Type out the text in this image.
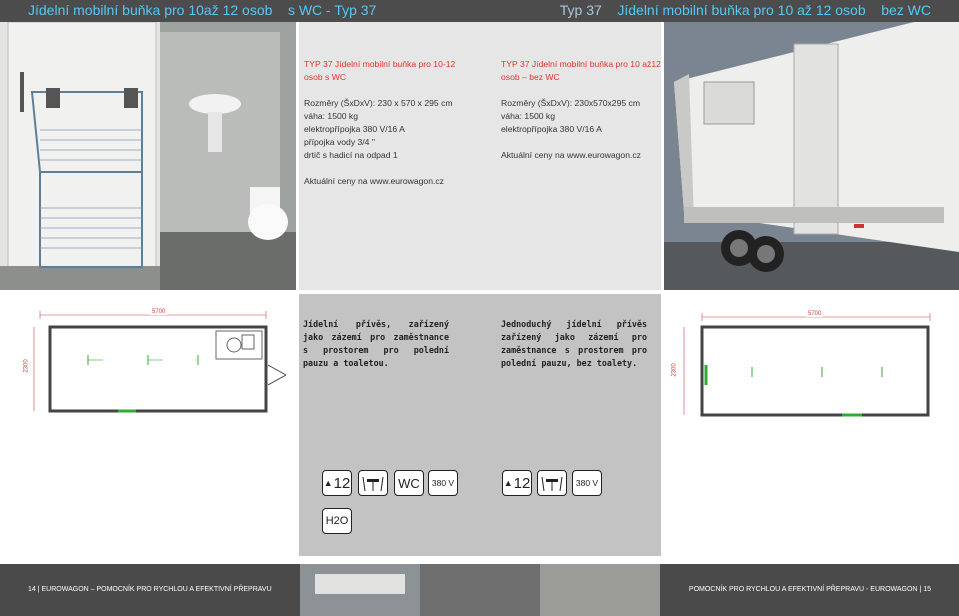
Jídelní mobilní buňka pro 10až 12 osob s WC - Typ 37	Typ 37 Jídelní mobilní buňka pro 10 až 12 osob bez WC
TYP 37 Jídelní mobilní buňka pro 10-12
osob s WC
Rozměry (ŠxDxV): 230 x 570 x 295 cm
váha: 1500 kg
elektropřípojka 380 V/16 A
přípojka vody 3/4 "
drtič s hadicí na odpad 1
Aktuální ceny na www.eurowagon.cz
TYP 37 Jídelní mobilní buňka pro 10 až12
osob – bez WC
Rozměry (ŠxDxV): 230x570x295 cm
váha: 1500 kg
elektropřípojka 380 V/16 A
Aktuální ceny na www.eurowagon.cz
5700
2300
5700
2300
Jídelní přívěs, zařízený jako zázemí pro zaměstnance s prostorem pro polední pauzu a toaletou.
Jednoduchý jídelní přívěs zařízený jako zázemí pro zaměstnance s prostorem pro polední pauzu, bez toalety.
▲ 12	WC 380 V
H2O
▲ 12	380 V
14 | EUROWAGON – POMOCNÍK PRO RYCHLOU A EFEKTIVNÍ PŘEPRAVU	POMOCNÍK PRO RYCHLOU A EFEKTIVNÍ PŘEPRAVU - EUROWAGON | 15
